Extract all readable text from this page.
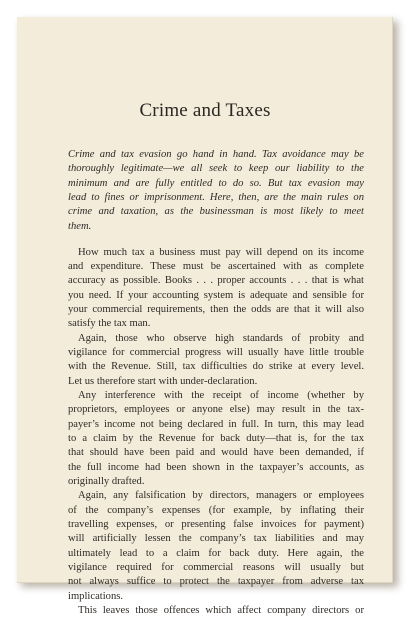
Crime and Taxes
Crime and tax evasion go hand in hand. Tax avoidance may be
thoroughly legitimate—we all seek to keep our liability to the
minimum and are fully entitled to do so. But tax evasion may
lead to fines or imprisonment. Here, then, are the main rules on
crime and taxation, as the businessman is most likely to meet
them.
How much tax a business must pay will depend on its income
and expenditure. These must be ascertained with as complete
accuracy as possible. Books . . . proper accounts . . . that is what
you need. If your accounting system is adequate and sensible for
your commercial requirements, then the odds are that it will also
satisfy the tax man.
Again, those who observe high standards of probity and
vigilance for commercial progress will usually have little trouble
with the Revenue. Still, tax difficulties do strike at every level.
Let us therefore start with under-declaration.
Any interference with the receipt of income (whether by
proprietors, employees or anyone else) may result in the tax-
payer’s income not being declared in full. In turn, this may lead
to a claim by the Revenue for back duty—that is, for the tax
that should have been paid and would have been demanded, if
the full income had been shown in the taxpayer’s accounts, as
originally drafted.
Again, any falsification by directors, managers or employees
of the company’s expenses (for example, by inflating their
travelling expenses, or presenting false invoices for payment)
will artificially lessen the company’s tax liabilities and may
ultimately lead to a claim for back duty. Here again, the
vigilance required for commercial reasons will usually but
not always suffice to protect the taxpayer from adverse tax
implications.
This leaves those offences which affect company directors or
